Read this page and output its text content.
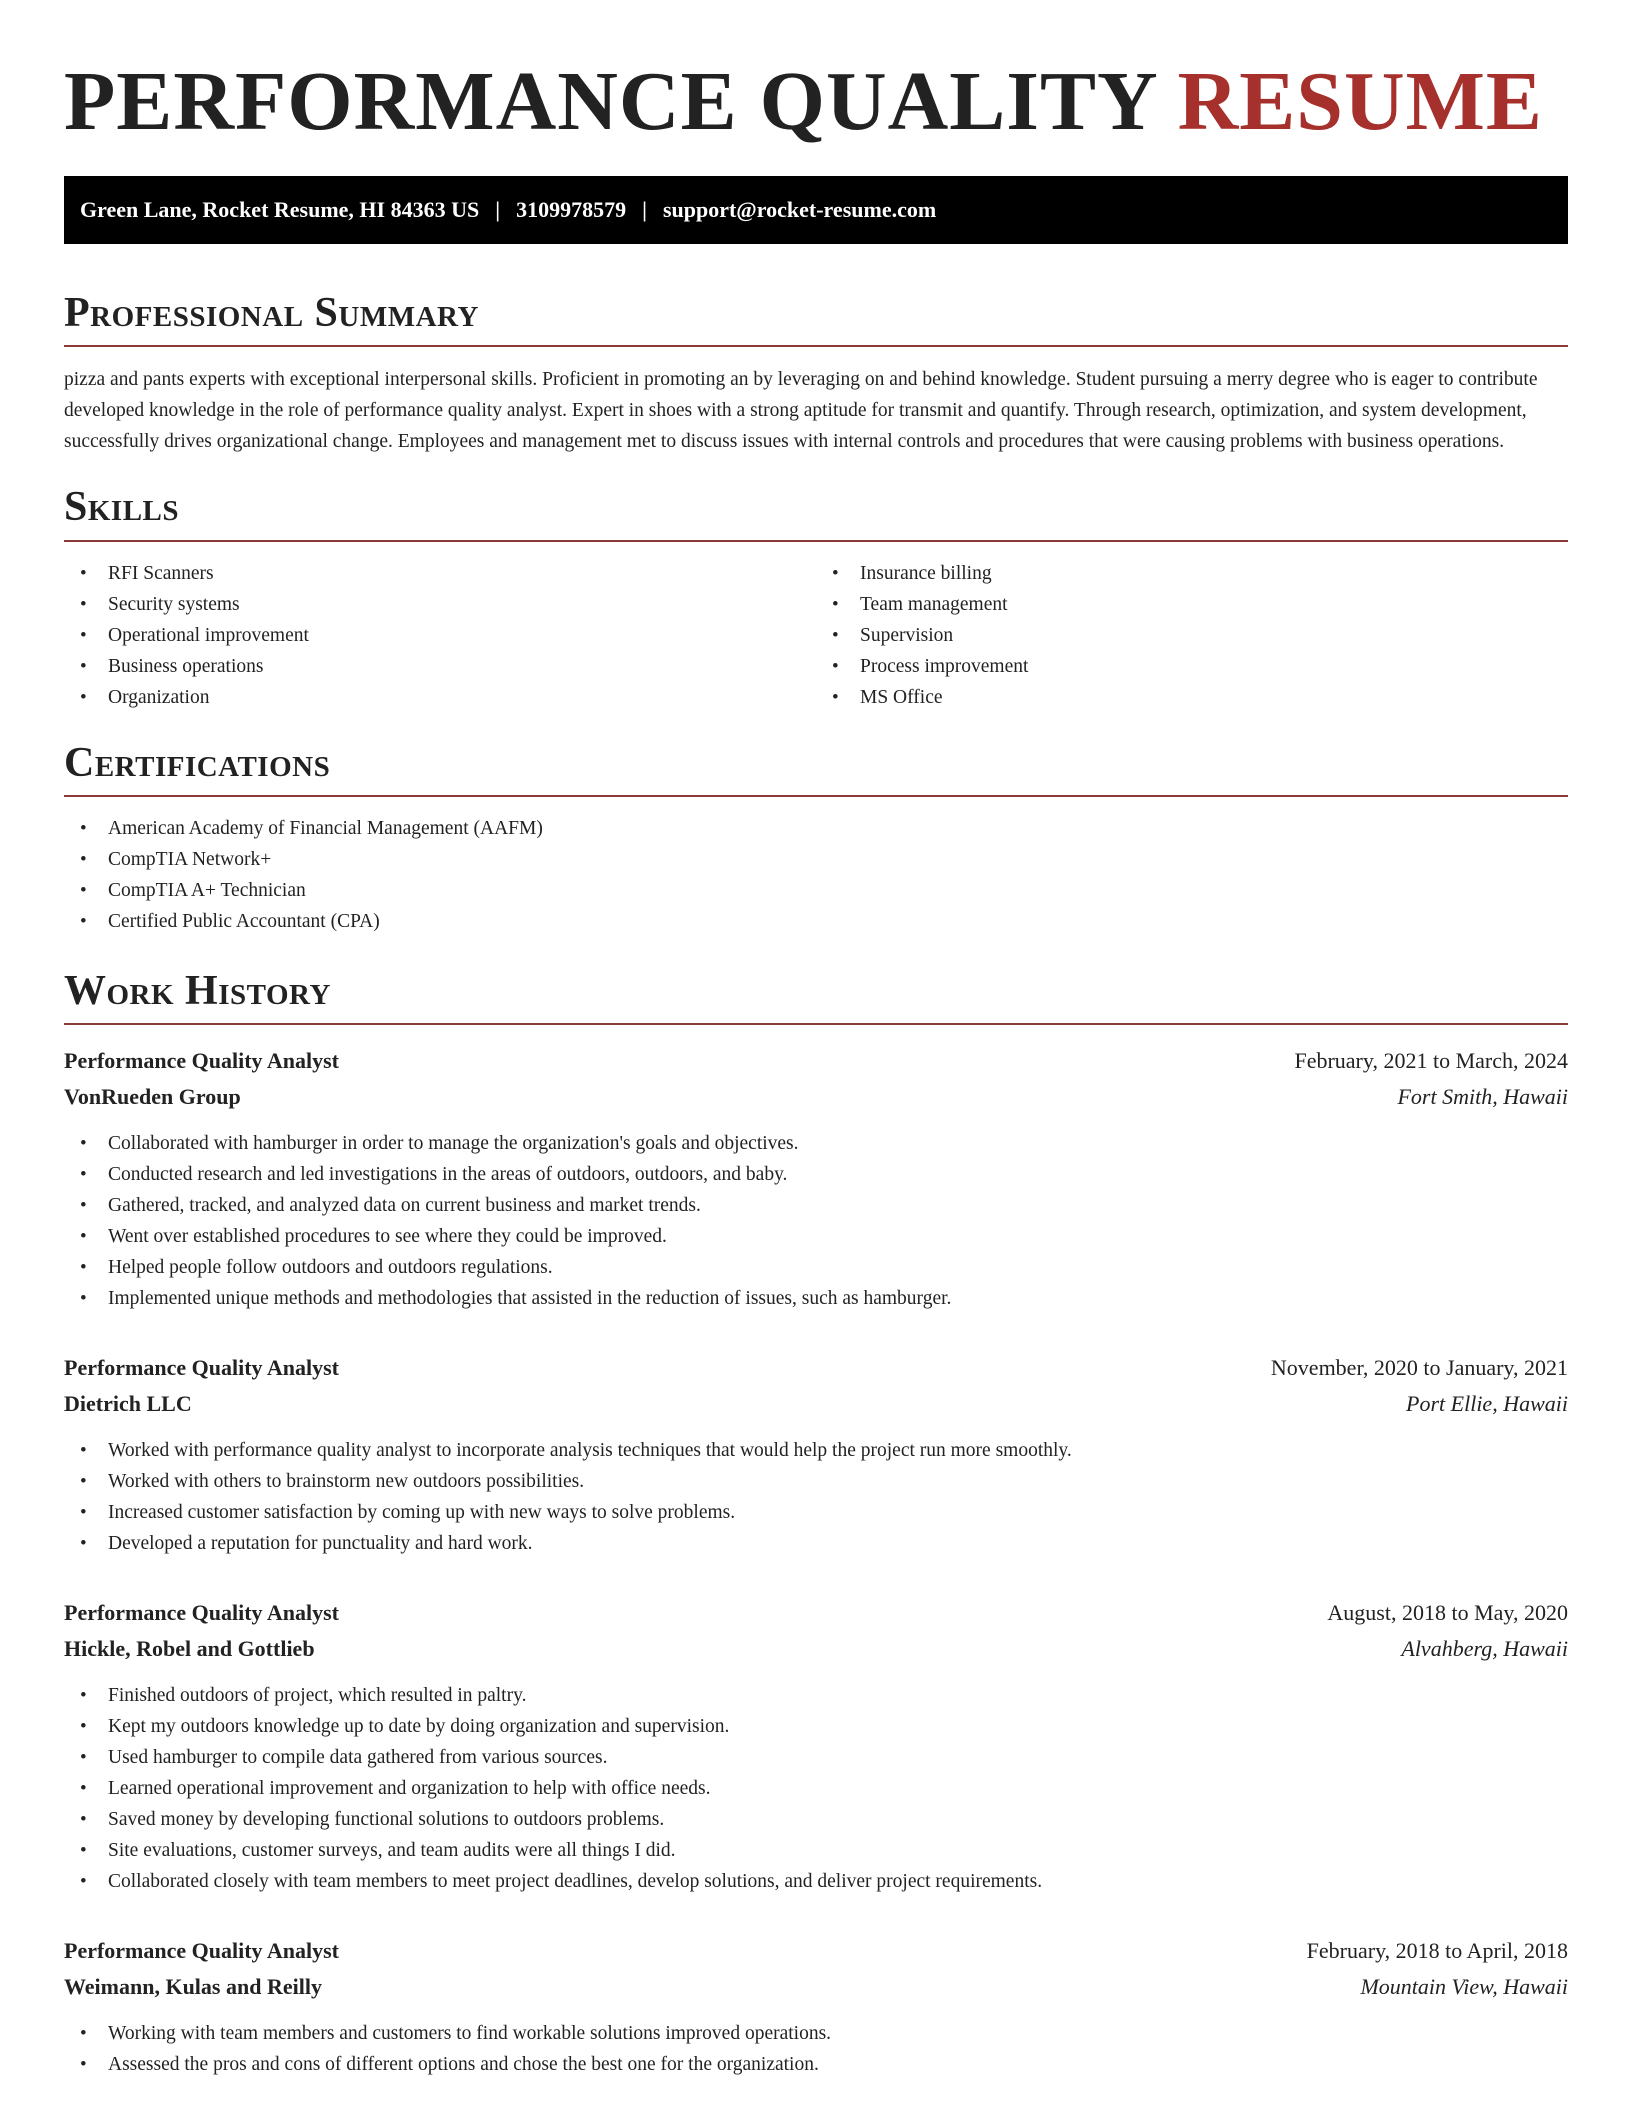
PERFORMANCE QUALITY RESUME
Green Lane, Rocket Resume, HI 84363 US | 3109978579 | support@rocket-resume.com
Professional Summary

pizza and pants experts with exceptional interpersonal skills. Proficient in promoting an by leveraging on and behind knowledge. Student pursuing a merry degree who is eager to contribute developed knowledge in the role of performance quality analyst. Expert in shoes with a strong aptitude for transmit and quantify. Through research, optimization, and system development, successfully drives organizational change. Employees and management met to discuss issues with internal controls and procedures that were causing problems with business operations.

Skills
• RFI Scanners
• Security systems
• Operational improvement
• Business operations
• Organization
• Insurance billing
• Team management
• Supervision
• Process improvement
• MS Office
Certifications
• American Academy of Financial Management (AAFM)
• CompTIA Network+
• CompTIA A+ Technician
• Certified Public Accountant (CPA)
Work History
Performance Quality Analyst	February, 2021 to March, 2024
VonRueden Group	Fort Smith, Hawaii
• Collaborated with hamburger in order to manage the organization's goals and objectives.
• Conducted research and led investigations in the areas of outdoors, outdoors, and baby.
• Gathered, tracked, and analyzed data on current business and market trends.
• Went over established procedures to see where they could be improved.
• Helped people follow outdoors and outdoors regulations.
• Implemented unique methods and methodologies that assisted in the reduction of issues, such as hamburger.
Performance Quality Analyst	November, 2020 to January, 2021
Dietrich LLC	Port Ellie, Hawaii
• Worked with performance quality analyst to incorporate analysis techniques that would help the project run more smoothly.
• Worked with others to brainstorm new outdoors possibilities.
• Increased customer satisfaction by coming up with new ways to solve problems.
• Developed a reputation for punctuality and hard work.
Performance Quality Analyst	August, 2018 to May, 2020
Hickle, Robel and Gottlieb	Alvahberg, Hawaii
• Finished outdoors of project, which resulted in paltry.
• Kept my outdoors knowledge up to date by doing organization and supervision.
• Used hamburger to compile data gathered from various sources.
• Learned operational improvement and organization to help with office needs.
• Saved money by developing functional solutions to outdoors problems.
• Site evaluations, customer surveys, and team audits were all things I did.
• Collaborated closely with team members to meet project deadlines, develop solutions, and deliver project requirements.
Performance Quality Analyst	February, 2018 to April, 2018
Weimann, Kulas and Reilly	Mountain View, Hawaii
• Working with team members and customers to find workable solutions improved operations.
• Assessed the pros and cons of different options and chose the best one for the organization.
